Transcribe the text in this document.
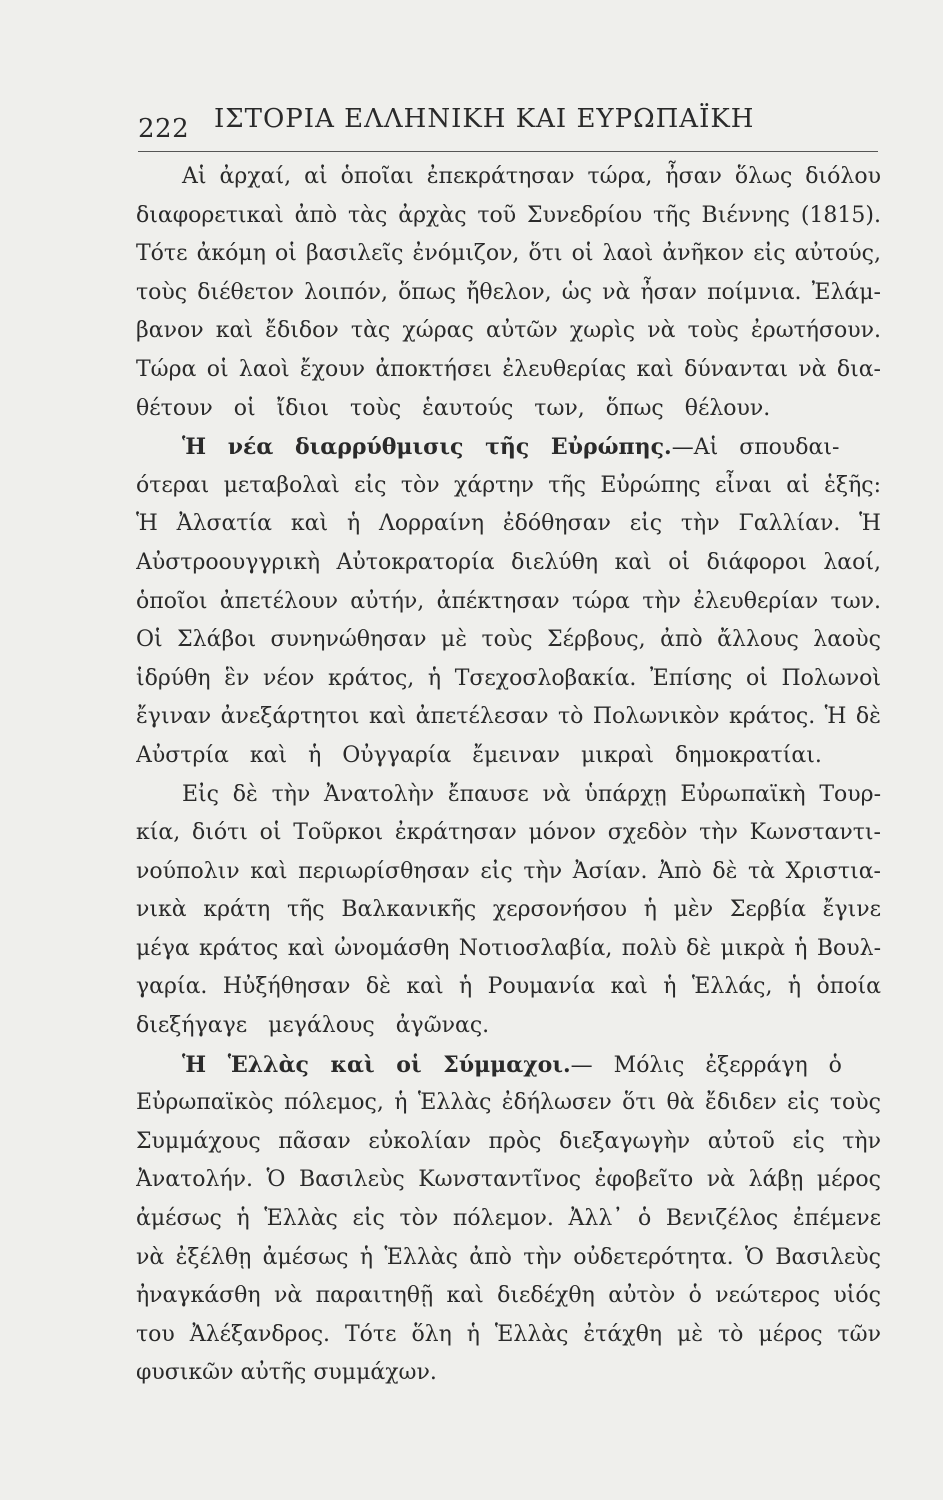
222 ΙΣΤΟΡΙΑ ΕΛΛΗΝΙΚΗ ΚΑΙ ΕΥΡΩΠΑΪΚΗ
Αἱ ἀρχαί, αἱ ὁποῖαι ἐπεκράτησαν τώρα, ἦσαν ὅλως διόλου
διαφορετικαὶ ἀπὸ τὰς ἀρχὰς τοῦ Συνεδρίου τῆς Βιέννης (1815).
Τότε ἀκόμη οἱ βασιλεῖς ἐνόμιζον, ὅτι οἱ λαοὶ ἀνῆκον εἰς αὐτούς,
τοὺς διέθετον λοιπόν, ὅπως ἤθελον, ὡς νὰ ἦσαν ποίμνια. Ἐλάμ-
βανον καὶ ἔδιδον τὰς χώρας αὐτῶν χωρὶς νὰ τοὺς ἐρωτήσουν.
Τώρα οἱ λαοὶ ἔχουν ἀποκτήσει ἐλευθερίας καὶ δύνανται νὰ δια-
θέτουν οἱ ἴδιοι τοὺς ἑαυτούς των, ὅπως θέλουν.
Ἡ νέα διαρρύθμισις τῆς Εὐρώπης.—Αἱ σπουδαι-
ότεραι μεταβολαὶ εἰς τὸν χάρτην τῆς Εὐρώπης εἶναι αἱ ἑξῆς:
Ἡ Ἀλσατία καὶ ἡ Λορραίνη ἐδόθησαν εἰς τὴν Γαλλίαν. Ἡ
Αὐστροουγγρικὴ Αὐτοκρατορία διελύθη καὶ οἱ διάφοροι λαοί,
ὁποῖοι ἀπετέλουν αὐτήν, ἀπέκτησαν τώρα τὴν ἐλευθερίαν των.
Οἱ Σλάβοι συνηνώθησαν μὲ τοὺς Σέρβους, ἀπὸ ἄλλους λαοὺς
ἱδρύθη ἓν νέον κράτος, ἡ Τσεχοσλοβακία. Ἐπίσης οἱ Πολωνοὶ
ἔγιναν ἀνεξάρτητοι καὶ ἀπετέλεσαν τὸ Πολωνικὸν κράτος. Ἡ δὲ
Αὐστρία καὶ ἡ Οὐγγαρία ἔμειναν μικραὶ δημοκρατίαι.
Εἰς δὲ τὴν Ἀνατολὴν ἔπαυσε νὰ ὑπάρχῃ Εὐρωπαϊκὴ Τουρ-
κία, διότι οἱ Τοῦρκοι ἐκράτησαν μόνον σχεδὸν τὴν Κωνσταντι-
νούπολιν καὶ περιωρίσθησαν εἰς τὴν Ἀσίαν. Ἀπὸ δὲ τὰ Χριστια-
νικὰ κράτη τῆς Βαλκανικῆς χερσονήσου ἡ μὲν Σερβία ἔγινε
μέγα κράτος καὶ ὠνομάσθη Νοτιοσλαβία, πολὺ δὲ μικρὰ ἡ Βουλ-
γαρία. Ηὐξήθησαν δὲ καὶ ἡ Ρουμανία καὶ ἡ Ἑλλάς, ἡ ὁποία
διεξήγαγε μεγάλους ἀγῶνας.
Ἡ Ἑλλὰς καὶ οἱ Σύμμαχοι.— Μόλις ἐξερράγη ὁ
Εὐρωπαϊκὸς πόλεμος, ἡ Ἑλλὰς ἐδήλωσεν ὅτι θὰ ἔδιδεν εἰς τοὺς
Συμμάχους πᾶσαν εὐκολίαν πρὸς διεξαγωγὴν αὐτοῦ εἰς τὴν
Ἀνατολήν. Ὁ Βασιλεὺς Κωνσταντῖνος ἐφοβεῖτο νὰ λάβῃ μέρος
ἀμέσως ἡ Ἑλλὰς εἰς τὸν πόλεμον. Ἀλλ᾿ ὁ Βενιζέλος ἐπέμενε
νὰ ἐξέλθῃ ἀμέσως ἡ Ἑλλὰς ἀπὸ τὴν οὐδετερότητα. Ὁ Βασιλεὺς
ἠναγκάσθη νὰ παραιτηθῇ καὶ διεδέχθη αὐτὸν ὁ νεώτερος υἱός
του Ἀλέξανδρος. Τότε ὅλη ἡ Ἑλλὰς ἐτάχθη μὲ τὸ μέρος τῶν
φυσικῶν αὐτῆς συμμάχων.
